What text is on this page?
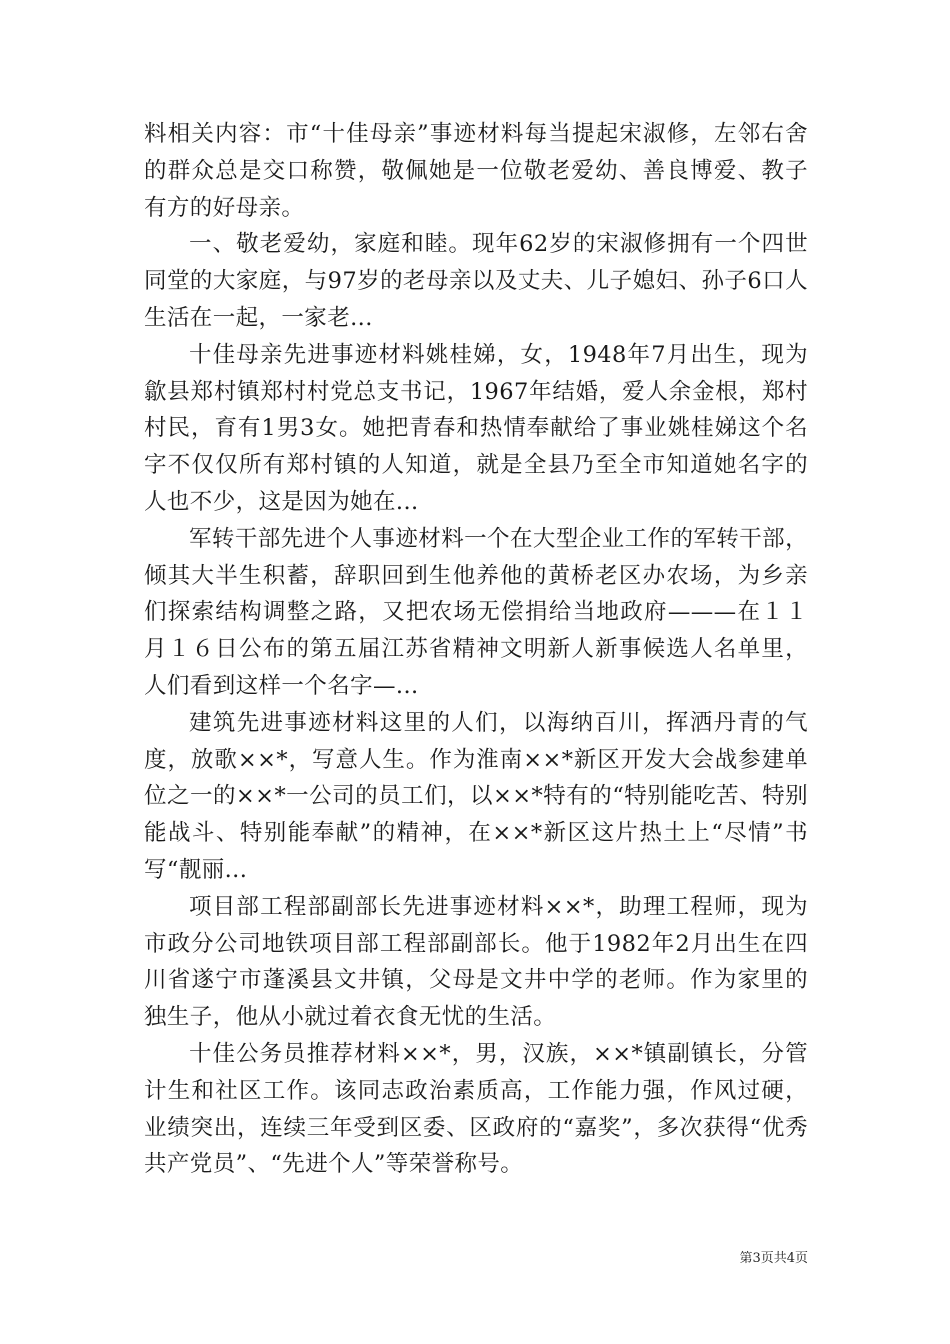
料相关内容：市“十佳母亲”事迹材料每当提起宋淑修，左邻右舍的群众总是交口称赞，敬佩她是一位敬老爱幼、善良博爱、教子有方的好母亲。

一、敬老爱幼，家庭和睦。现年62岁的宋淑修拥有一个四世同堂的大家庭，与97岁的老母亲以及丈夫、儿子媳妇、孙子6口人生活在一起，一家老...

十佳母亲先进事迹材料姚桂娣，女，1948年7月出生，现为歙县郑村镇郑村村党总支书记，1967年结婚，爱人余金根，郑村村民，育有1男3女。她把青春和热情奉献给了事业姚桂娣这个名字不仅仅所有郑村镇的人知道，就是全县乃至全市知道她名字的人也不少，这是因为她在...

军转干部先进个人事迹材料一个在大型企业工作的军转干部，倾其大半生积蓄，辞职回到生他养他的黄桥老区办农场，为乡亲们探索结构调整之路，又把农场无偿捐给当地政府———在１１月１６日公布的第五届江苏省精神文明新人新事候选人名单里，人们看到这样一个名字—...

建筑先进事迹材料这里的人们，以海纳百川，挥洒丹青的气度，放歌××*，写意人生。作为淮南××*新区开发大会战参建单位之一的××*一公司的员工们，以××*特有的“特别能吃苦、特别能战斗、特别能奉献”的精神，在××*新区这片热土上“尽情”书写“靓丽...

项目部工程部副部长先进事迹材料××*，助理工程师，现为市政分公司地铁项目部工程部副部长。他于1982年2月出生在四川省遂宁市蓬溪县文井镇，父母是文井中学的老师。作为家里的独生子，他从小就过着衣食无忧的生活。

十佳公务员推荐材料××*，男，汉族，××*镇副镇长，分管计生和社区工作。该同志政治素质高，工作能力强，作风过硬，业绩突出，连续三年受到区委、区政府的“嘉奖”，多次获得“优秀共产党员”、“先进个人”等荣誉称号。

第3页共4页
